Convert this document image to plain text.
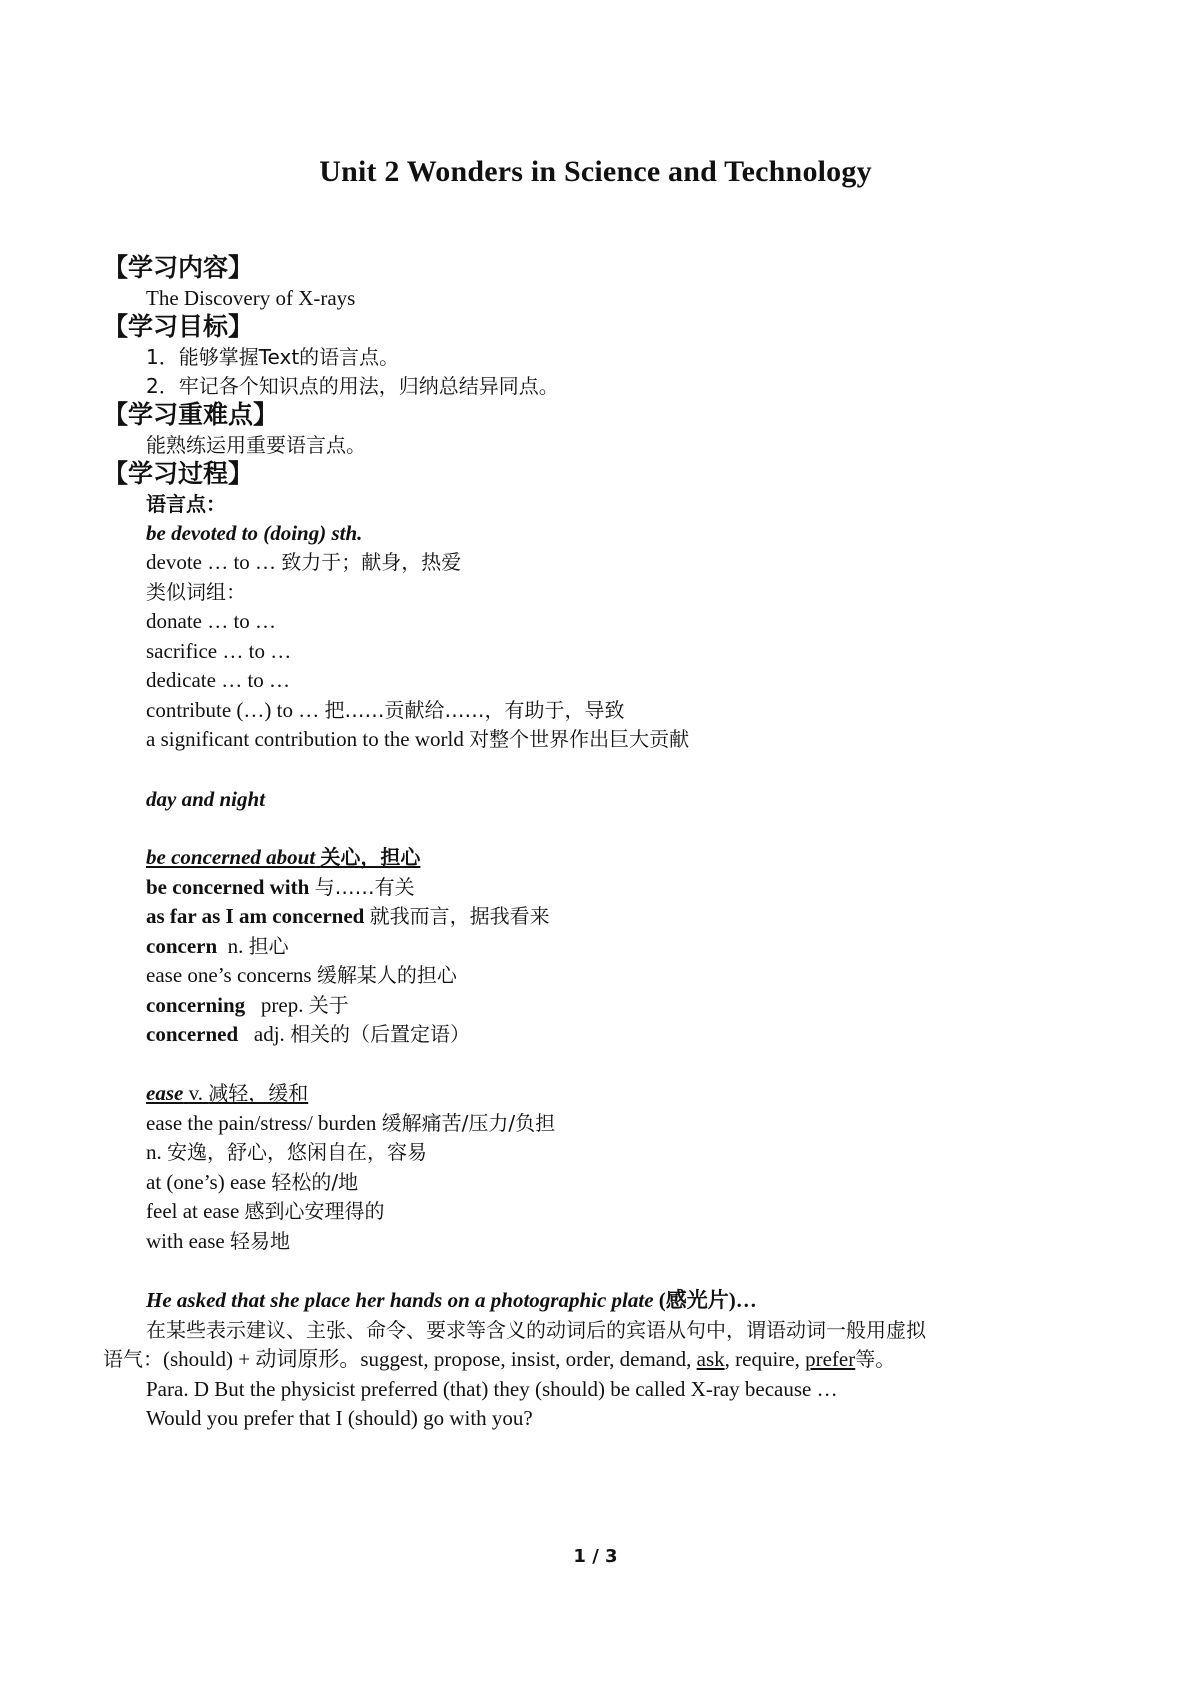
Unit 2 Wonders in Science and Technology
【学习内容】
The Discovery of X-rays
【学习目标】
1．能够掌握Text的语言点。
2．牢记各个知识点的用法，归纳总结异同点。
【学习重难点】
能熟练运用重要语言点。
【学习过程】
语言点：
be devoted to (doing) sth.
devote … to … 致力于；献身，热爱
类似词组：
donate … to …
sacrifice … to …
dedicate … to …
contribute (…) to … 把……贡献给……，有助于，导致
a significant contribution to the world 对整个世界作出巨大贡献
day and night
be concerned about 关心，担心
be concerned with 与……有关
as far as I am concerned 就我而言，据我看来
concern n. 担心
ease one’s concerns 缓解某人的担心
concerning prep. 关于
concerned adj. 相关的（后置定语）
ease v. 减轻，缓和
ease the pain/stress/ burden 缓解痛苦/压力/负担
n. 安逸，舒心，悠闲自在，容易
at (one’s) ease 轻松的/地
feel at ease 感到心安理得的
with ease 轻易地
He asked that she place her hands on a photographic plate (感光片)…
在某些表示建议、主张、命令、要求等含义的动词后的宾语从句中，谓语动词一般用虚拟
语气：(should) + 动词原形。suggest, propose, insist, order, demand, ask, require, prefer等。
Para. D But the physicist preferred (that) they (should) be called X-ray because …
Would you prefer that I (should) go with you?
1 / 3
